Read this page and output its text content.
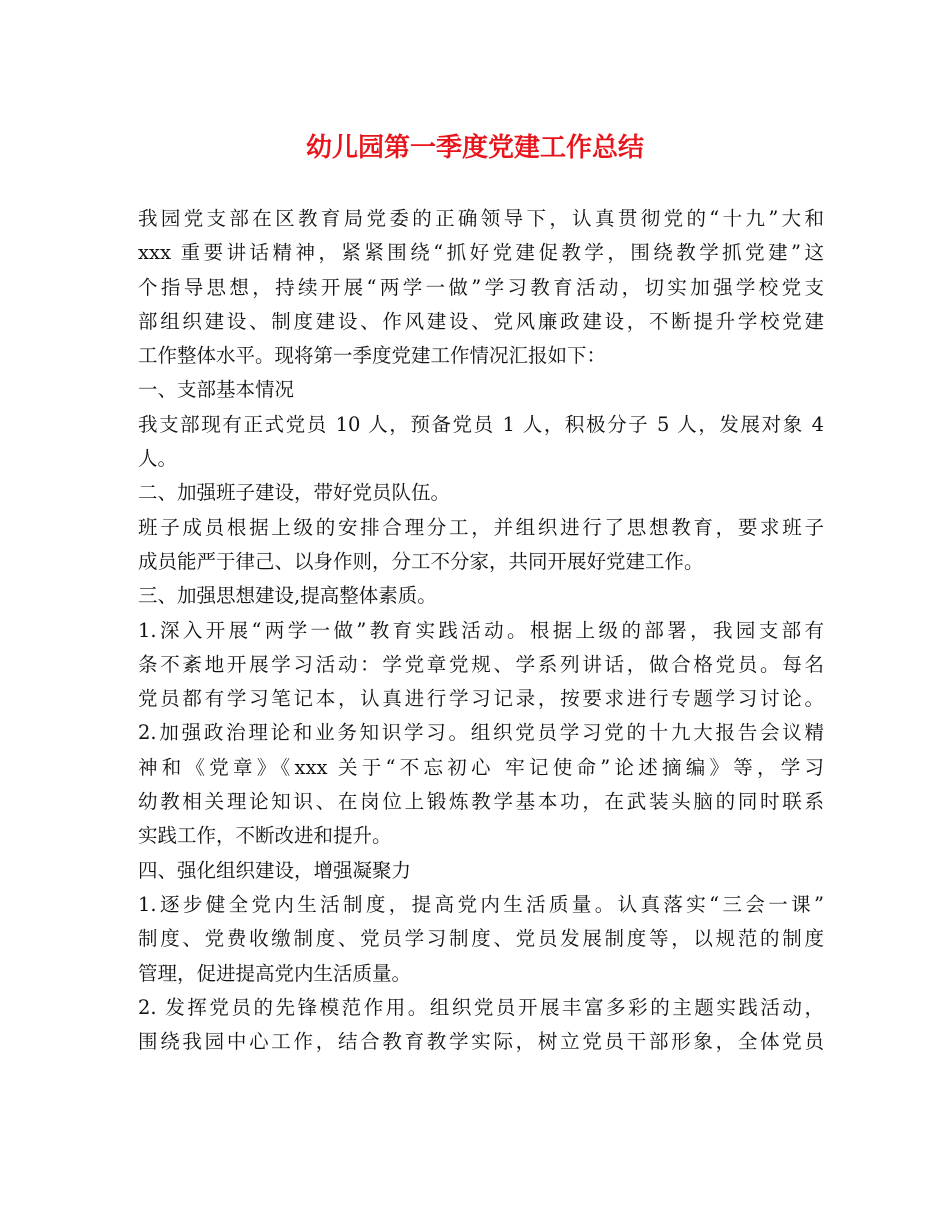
幼儿园第一季度党建工作总结
我园党支部在区教育局党委的正确领导下，认真贯彻党的“十九”大和
xxx 重要讲话精神，紧紧围绕“抓好党建促教学，围绕教学抓党建”这
个指导思想，持续开展“两学一做”学习教育活动，切实加强学校党支
部组织建设、制度建设、作风建设、党风廉政建设，不断提升学校党建
工作整体水平。现将第一季度党建工作情况汇报如下：
一、支部基本情况
我支部现有正式党员 10 人，预备党员 1 人，积极分子 5 人，发展对象 4
人。
二、加强班子建设，带好党员队伍。
班子成员根据上级的安排合理分工，并组织进行了思想教育，要求班子
成员能严于律己、以身作则，分工不分家，共同开展好党建工作。
三、加强思想建设,提高整体素质。
1.深入开展“两学一做”教育实践活动。根据上级的部署，我园支部有
条不紊地开展学习活动：学党章党规、学系列讲话，做合格党员。每名
党员都有学习笔记本，认真进行学习记录，按要求进行专题学习讨论。
2.加强政治理论和业务知识学习。组织党员学习党的十九大报告会议精
神和《党章》《xxx 关于“不忘初心 牢记使命”论述摘编》等，学习
幼教相关理论知识、在岗位上锻炼教学基本功，在武装头脑的同时联系
实践工作，不断改进和提升。
四、强化组织建设，增强凝聚力
1.逐步健全党内生活制度，提高党内生活质量。认真落实“三会一课”
制度、党费收缴制度、党员学习制度、党员发展制度等，以规范的制度
管理，促进提高党内生活质量。
2. 发挥党员的先锋模范作用。组织党员开展丰富多彩的主题实践活动，
围绕我园中心工作，结合教育教学实际，树立党员干部形象，全体党员
